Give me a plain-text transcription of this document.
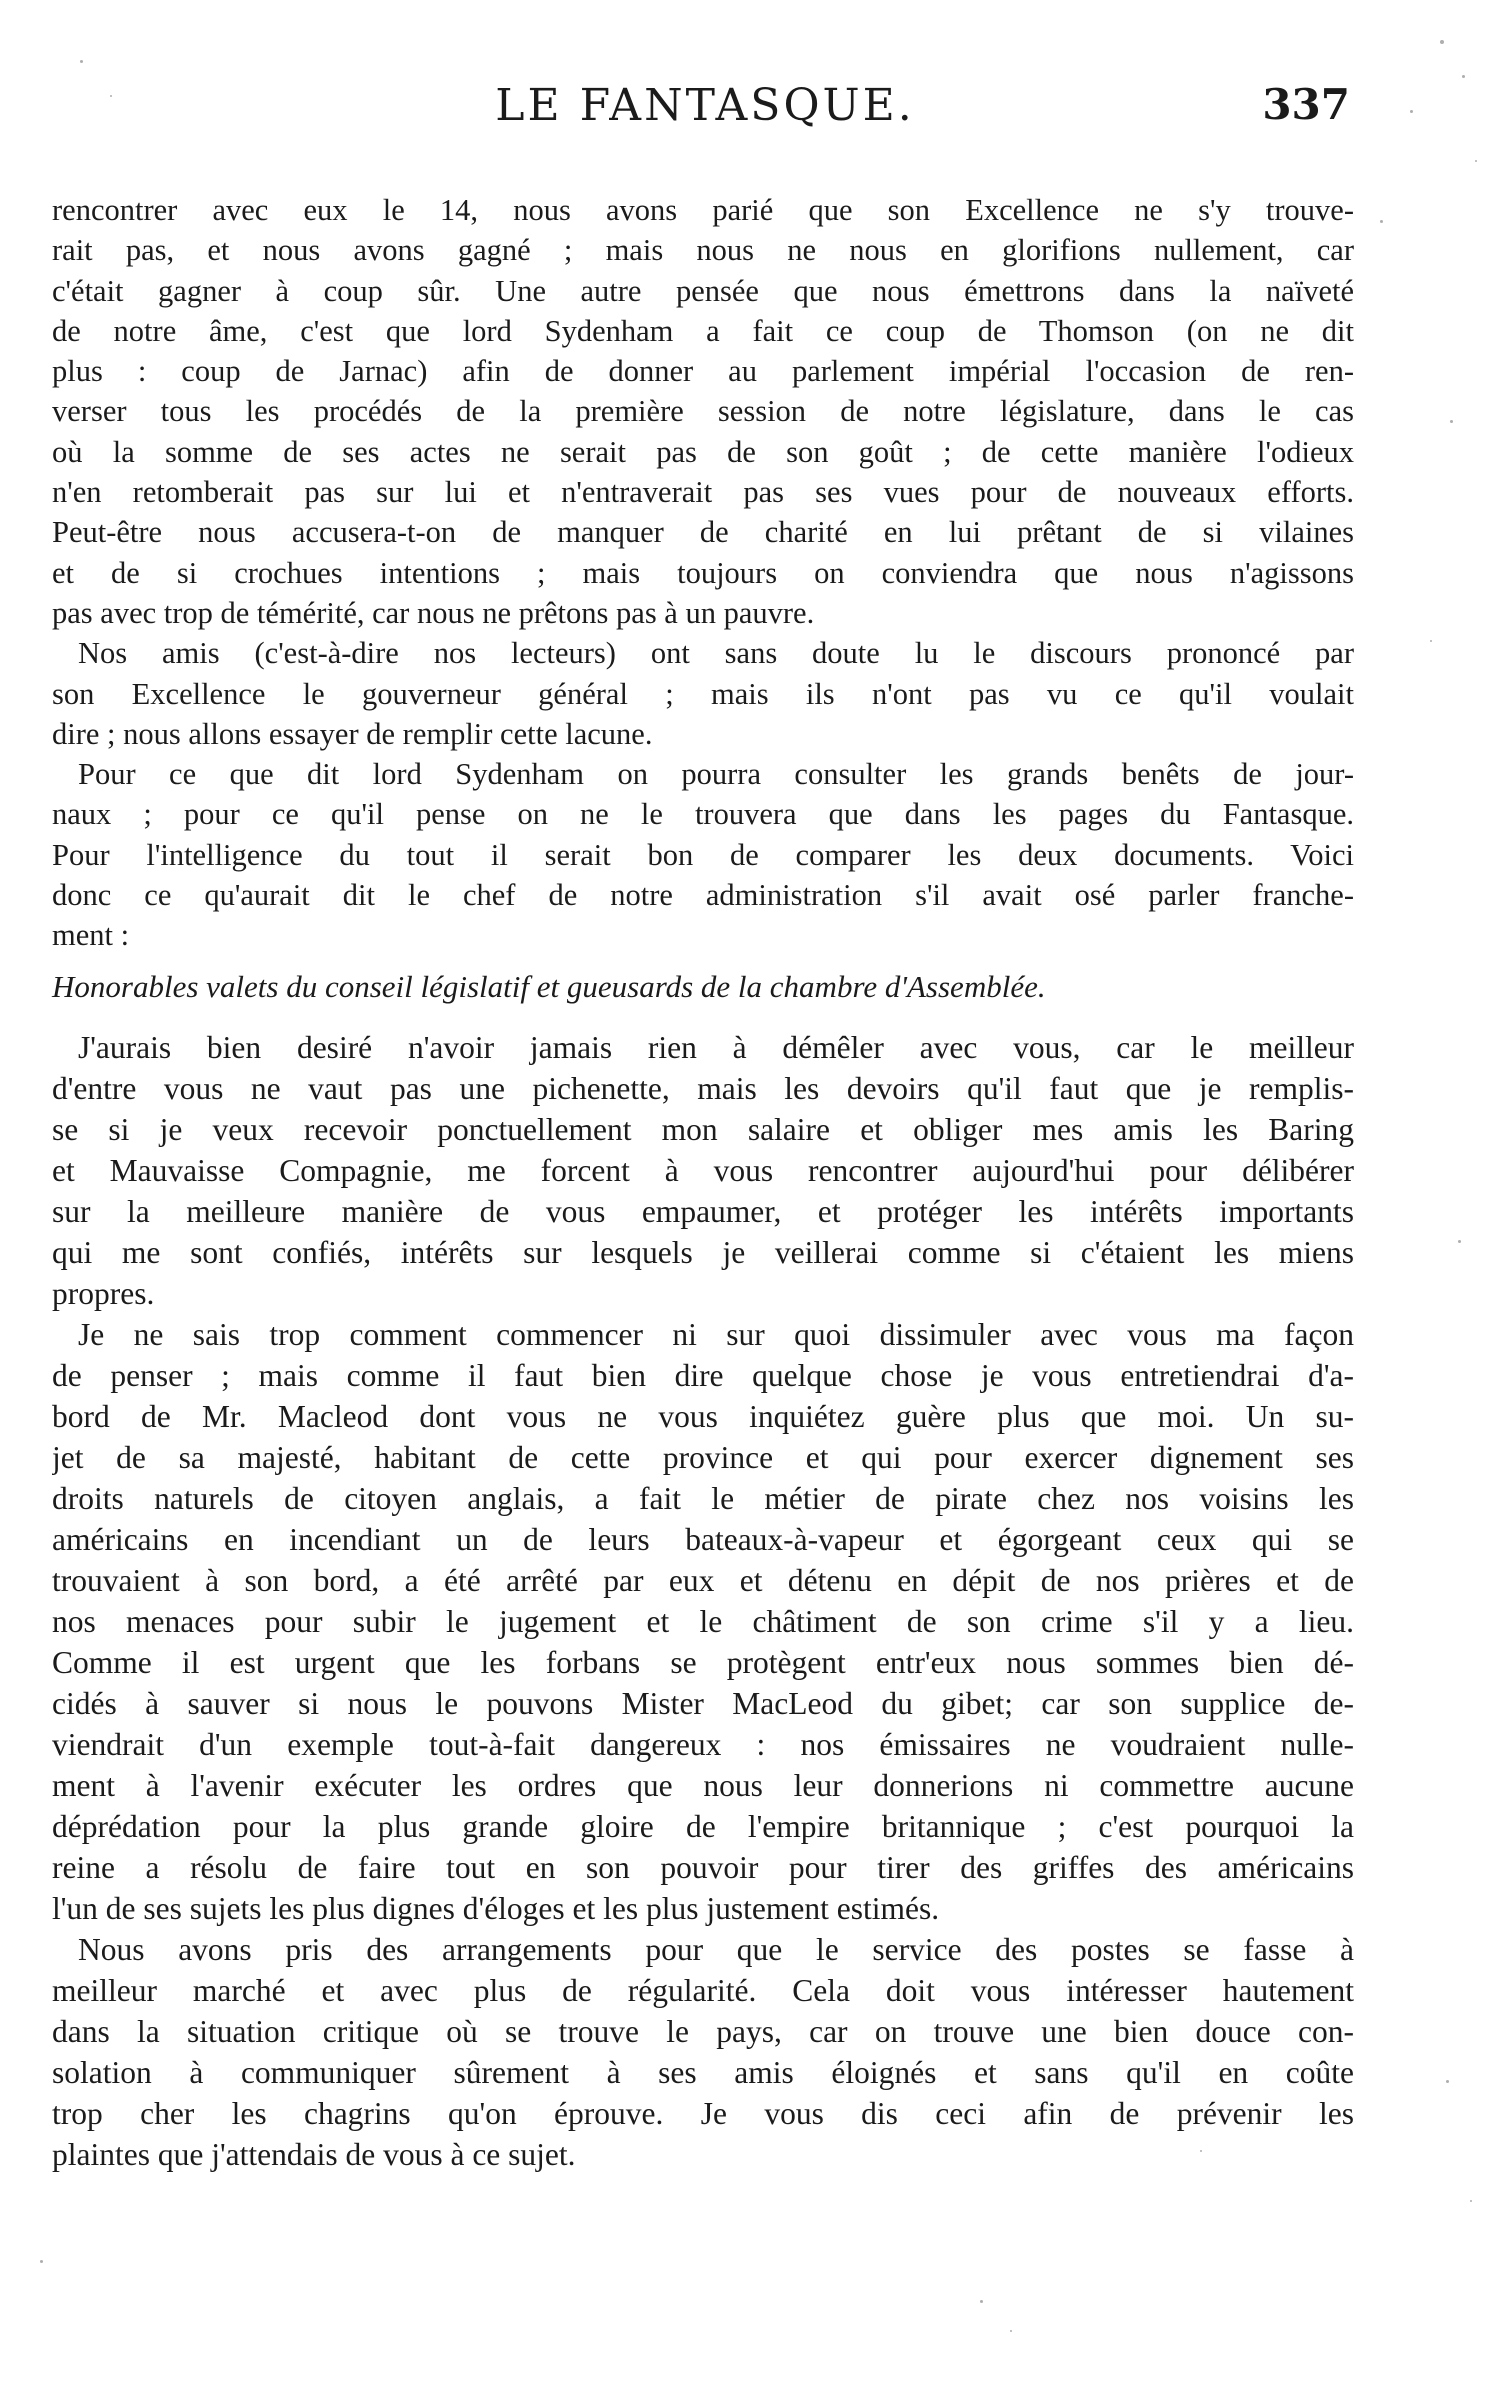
LE FANTASQUE.	337
rencontrer avec eux le 14, nous avons parié que son Excellence ne s'y trouve-
rait pas, et nous avons gagné ; mais nous ne nous en glorifions nullement, car
c'était gagner à coup sûr. Une autre pensée que nous émettrons dans la naïveté
de notre âme, c'est que lord Sydenham a fait ce coup de Thomson (on ne dit
plus : coup de Jarnac) afin de donner au parlement impérial l'occasion de ren-
verser tous les procédés de la première session de notre législature, dans le cas
où la somme de ses actes ne serait pas de son goût ; de cette manière l'odieux
n'en retomberait pas sur lui et n'entraverait pas ses vues pour de nouveaux efforts.
Peut-être nous accusera-t-on de manquer de charité en lui prêtant de si vilaines
et de si crochues intentions ; mais toujours on conviendra que nous n'agissons
pas avec trop de témérité, car nous ne prêtons pas à un pauvre.
Nos amis (c'est-à-dire nos lecteurs) ont sans doute lu le discours prononcé par
son Excellence le gouverneur général ; mais ils n'ont pas vu ce qu'il voulait
dire ; nous allons essayer de remplir cette lacune.
Pour ce que dit lord Sydenham on pourra consulter les grands benêts de jour-
naux ; pour ce qu'il pense on ne le trouvera que dans les pages du Fantasque.
Pour l'intelligence du tout il serait bon de comparer les deux documents. Voici
donc ce qu'aurait dit le chef de notre administration s'il avait osé parler franche-
ment :
Honorables valets du conseil législatif et gueusards de la chambre d'Assemblée.
J'aurais bien desiré n'avoir jamais rien à démêler avec vous, car le meilleur
d'entre vous ne vaut pas une pichenette, mais les devoirs qu'il faut que je remplis-
se si je veux recevoir ponctuellement mon salaire et obliger mes amis les Baring
et Mauvaisse Compagnie, me forcent à vous rencontrer aujourd'hui pour délibérer
sur la meilleure manière de vous empaumer, et protéger les intérêts importants
qui me sont confiés, intérêts sur lesquels je veillerai comme si c'étaient les miens
propres.
Je ne sais trop comment commencer ni sur quoi dissimuler avec vous ma façon
de penser ; mais comme il faut bien dire quelque chose je vous entretiendrai d'a-
bord de Mr. Macleod dont vous ne vous inquiétez guère plus que moi. Un su-
jet de sa majesté, habitant de cette province et qui pour exercer dignement ses
droits naturels de citoyen anglais, a fait le métier de pirate chez nos voisins les
américains en incendiant un de leurs bateaux-à-vapeur et égorgeant ceux qui se
trouvaient à son bord, a été arrêté par eux et détenu en dépit de nos prières et de
nos menaces pour subir le jugement et le châtiment de son crime s'il y a lieu.
Comme il est urgent que les forbans se protègent entr'eux nous sommes bien dé-
cidés à sauver si nous le pouvons Mister MacLeod du gibet; car son supplice de-
viendrait d'un exemple tout-à-fait dangereux : nos émissaires ne voudraient nulle-
ment à l'avenir exécuter les ordres que nous leur donnerions ni commettre aucune
déprédation pour la plus grande gloire de l'empire britannique ; c'est pourquoi la
reine a résolu de faire tout en son pouvoir pour tirer des griffes des américains
l'un de ses sujets les plus dignes d'éloges et les plus justement estimés.
Nous avons pris des arrangements pour que le service des postes se fasse à
meilleur marché et avec plus de régularité. Cela doit vous intéresser hautement
dans la situation critique où se trouve le pays, car on trouve une bien douce con-
solation à communiquer sûrement à ses amis éloignés et sans qu'il en coûte
trop cher les chagrins qu'on éprouve. Je vous dis ceci afin de prévenir les
plaintes que j'attendais de vous à ce sujet.
